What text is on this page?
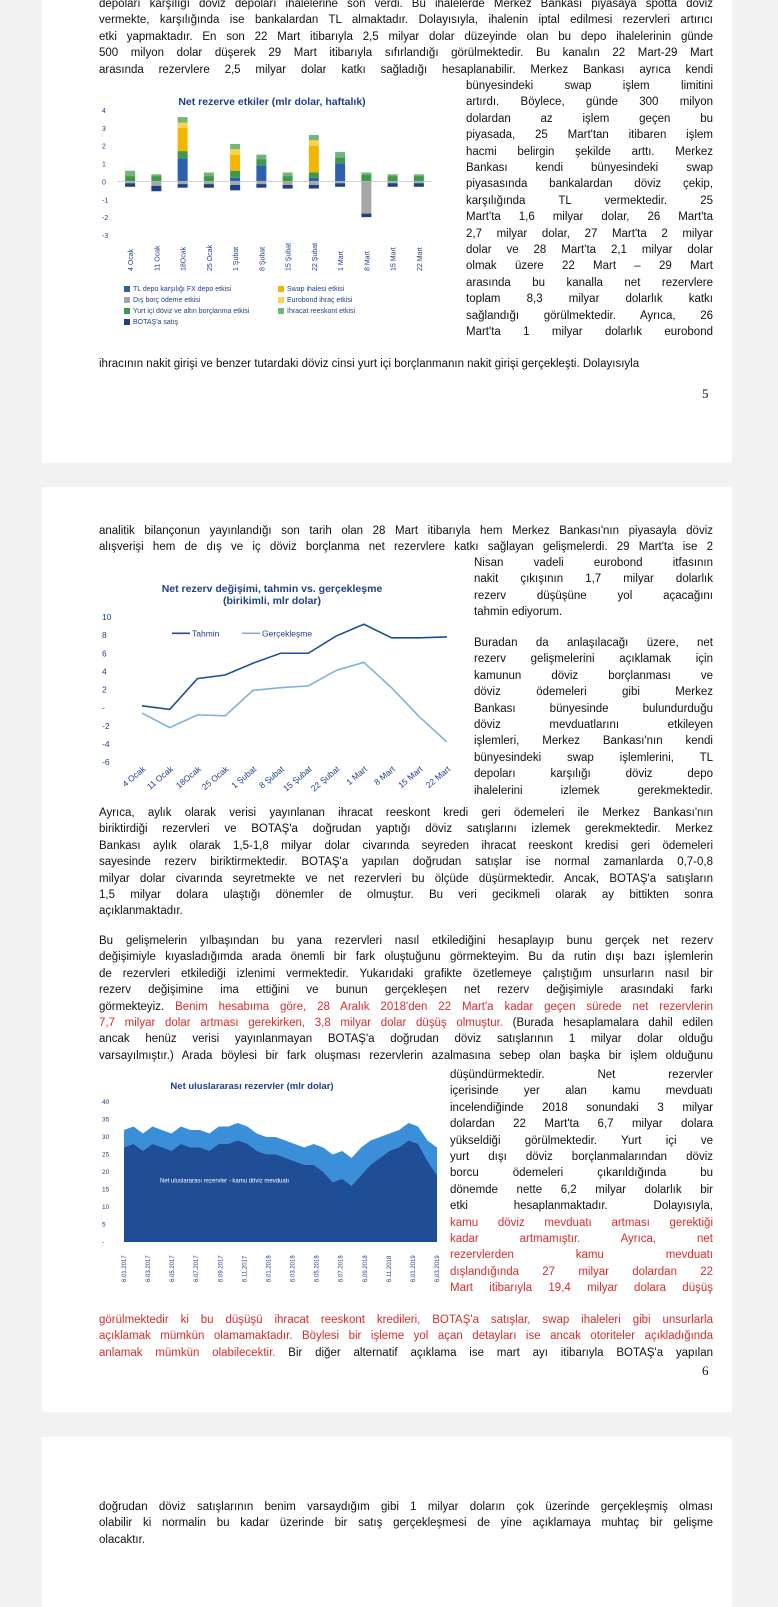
depoları karşılığı döviz depoları ihalelerine son verdi. Bu ihalelerde Merkez Bankası piyasaya spotta döviz
vermekte, karşılığında ise bankalardan TL almaktadır. Dolayısıyla, ihalenin iptal edilmesi rezervleri artırıcı
etki yapmaktadır. En son 22 Mart itibarıyla 2,5 milyar dolar düzeyinde olan bu depo ihalelerinin günde
500 milyon dolar düşerek 29 Mart itibarıyla sıfırlandığı görülmektedir. Bu kanalın 22 Mart-29 Mart
arasında rezervlere 2,5 milyar dolar katkı sağladığı hesaplanabilir. Merkez Bankası ayrıca kendi
bünyesindeki swap işlem limitini
artırdı. Böylece, günde 300 milyon
dolardan az işlem geçen bu
piyasada, 25 Mart'tan itibaren işlem
hacmi belirgin şekilde arttı. Merkez
Bankası kendi bünyesindeki swap
piyasasında bankalardan döviz çekip,
karşılığında TL vermektedir. 25
Mart'ta 1,6 milyar dolar, 26 Mart'ta
2,7 milyar dolar, 27 Mart'ta 2 milyar
dolar ve 28 Mart'ta 2,1 milyar dolar
olmak üzere 22 Mart – 29 Mart
arasında bu kanalla net rezervlere
toplam 8,3 milyar dolarlık katkı
sağlandığı görülmektedir. Ayrıca, 26
Mart'ta 1 milyar dolarlık eurobond
ihracının nakit girişi ve benzer tutardaki döviz cinsi yurt içi borçlanmanın nakit girişi gerçekleşti. Dolayısıyla
5
Net rezerve etkiler (mlr dolar, haftalık)
4
3
2
1
0
-1
-2
-3
4 Ocak	11 Ocak	18Ocak	25 Ocak	1 Şubat	8 Şubat	15 Şubat	22 Şubat	1 Mart	8 Mart	15 Mart	22 Mart
TL depo karşılığı FX depo etkisi	Swap ihalesi etkisi
Dış borç ödeme etkisi	Eurobond ihraç etkisi
Yurt içi döviz ve altın borçlanma etkisi	İhracat reeskont etkisi
BOTAŞ'a satış
analitik bilançonun yayınlandığı son tarih olan 28 Mart itibarıyla hem Merkez Bankası'nın piyasayla döviz
alışverişi hem de dış ve iç döviz borçlanma net rezervlere katkı sağlayan gelişmelerdi. 29 Mart'ta ise 2
Nisan vadeli eurobond itfasının
nakit çıkışının 1,7 milyar dolarlık
rezerv düşüşüne yol açacağını
tahmin ediyorum.
Buradan da anlaşılacağı üzere, net
rezerv gelişmelerini açıklamak için
kamunun döviz borçlanması ve
döviz ödemeleri gibi Merkez
Bankası bünyesinde bulundurduğu
döviz mevduatlarını etkileyen
işlemleri, Merkez Bankası'nın kendi
bünyesindeki swap işlemlerini, TL
depoları karşılığı döviz depo
ihalelerini izlemek gerekmektedir.
Net rezerv değişimi, tahmin vs. gerçekleşme
(birikimli, mlr dolar)
10
8
6
4
2
-
-2
-4
-6
Tahmin	Gerçekleşme
4 Ocak
11 Ocak
18Ocak
25 Ocak
1 Şubat
8 Şubat
15 Şubat
22 Şubat 1 Mart 8 Mart 15 Mart 22 Mart
Ayrıca, aylık olarak verisi yayınlanan ihracat reeskont kredi geri ödemeleri ile Merkez Bankası'nın
biriktirdiği rezervleri ve BOTAŞ'a doğrudan yaptığı döviz satışlarını izlemek gerekmektedir. Merkez
Bankası aylık olarak 1,5-1,8 milyar dolar civarında seyreden ihracat reeskont kredisi geri ödemeleri
sayesinde rezerv biriktirmektedir. BOTAŞ'a yapılan doğrudan satışlar ise normal zamanlarda 0,7-0,8
milyar dolar civarında seyretmekte ve net rezervleri bu ölçüde düşürmektedir. Ancak, BOTAŞ'a satışların
1,5 milyar dolara ulaştığı dönemler de olmuştur. Bu veri gecikmeli olarak ay bittikten sonra
açıklanmaktadır.
Bu gelişmelerin yılbaşından bu yana rezervleri nasıl etkilediğini hesaplayıp bunu gerçek net rezerv
değişimiyle kıyasladığımda arada önemli bir fark oluştuğunu görmekteyim. Bu da rutin dışı bazı işlemlerin
de rezervleri etkilediği izlenimi vermektedir. Yukarıdaki grafikte özetlemeye çalıştığım unsurların nasıl bir
rezerv değişimine ima ettiğini ve bunun gerçekleşen net rezerv değişimiyle arasındaki farkı
görmekteyiz. Benim hesabıma göre, 28 Aralık 2018'den 22 Mart'a kadar geçen sürede net rezervlerin
7,7 milyar dolar artması gerekirken, 3,8 milyar dolar düşüş olmuştur. (Burada hesaplamalara dahil edilen
ancak henüz verisi yayınlanmayan BOTAŞ'a doğrudan döviz satışlarının 1 milyar dolar olduğu
varsayılmıştır.) Arada böylesi bir fark oluşması rezervlerin azalmasına sebep olan başka bir işlem olduğunu
Net uluslararası rezervler (mlr dolar)
40
35
30
25
20
15
10
5
-
Kamu döviz mevduatı
Net uluslararası rezervler - kamu döviz mevduatı
6.01.2017	6.03.2017	6.05.2017	6.07.2017	6.09.2017	6.11.2017	6.01.2018	6.03.2018	6.05.2018	6.07.2018	6.09.2018	6.11.2018	6.01.2019	6.03.2019
düşündürmektedir. Net rezervler
içerisinde yer alan kamu mevduatı
incelendiğinde 2018 sonundaki 3 milyar
dolardan 22 Mart'ta 6,7 milyar dolara
yükseldiği görülmektedir. Yurt içi ve
yurt dışı döviz borçlanmalarından döviz
borcu ödemeleri çıkarıldığında bu
dönemde nette 6,2 milyar dolarlık bir
etki hesaplanmaktadır. Dolayısıyla,
kamu döviz mevduatı artması gerektiği
kadar artmamıştır. Ayrıca, net
rezervlerden kamu mevduatı
dışlandığında 27 milyar dolardan 22
Mart itibarıyla 19,4 milyar dolara düşüş
görülmektedir ki bu düşüşü ihracat reeskont kredileri, BOTAŞ'a satışlar, swap ihaleleri gibi unsurlarla
açıklamak mümkün olamamaktadır. Böylesi bir işleme yol açan detayları ise ancak otoriteler açıkladığında
anlamak mümkün olabilecektir. Bir diğer alternatif açıklama ise mart ayı itibarıyla BOTAŞ'a yapılan
6
doğrudan döviz satışlarının benim varsaydığım gibi 1 milyar doların çok üzerinde gerçekleşmiş olması
olabilir ki normalin bu kadar üzerinde bir satış gerçekleşmesi de yine açıklamaya muhtaç bir gelişme
olacaktır.
